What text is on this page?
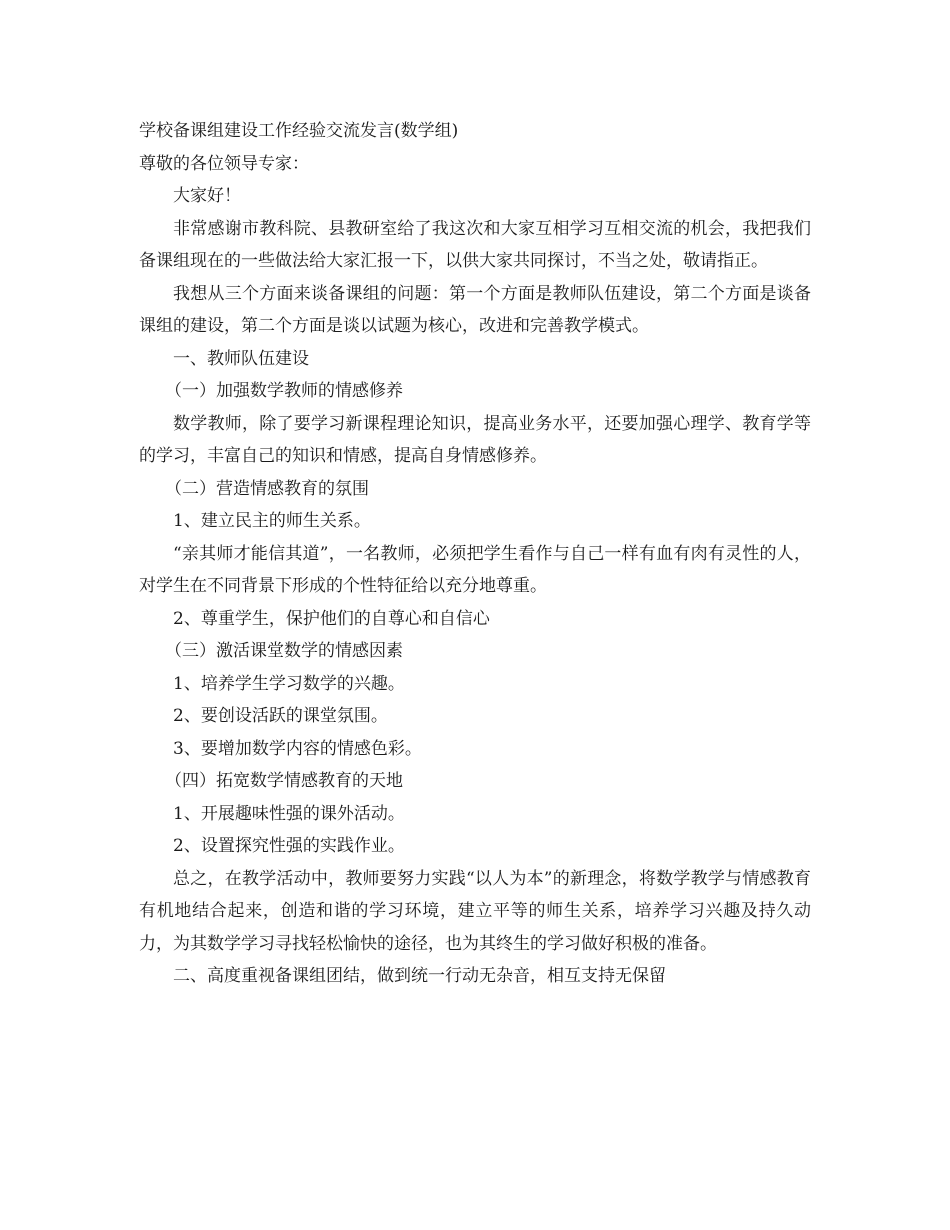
学校备课组建设工作经验交流发言(数学组)

尊敬的各位领导专家：

大家好！

非常感谢市教科院、县教研室给了我这次和大家互相学习互相交流的机会，我把我们备课组现在的一些做法给大家汇报一下，以供大家共同探讨，不当之处，敬请指正。

我想从三个方面来谈备课组的问题：第一个方面是教师队伍建设，第二个方面是谈备课组的建设，第二个方面是谈以试题为核心，改进和完善教学模式。

一、教师队伍建设

（一）加强数学教师的情感修养

数学教师，除了要学习新课程理论知识，提高业务水平，还要加强心理学、教育学等的学习，丰富自己的知识和情感，提高自身情感修养。

（二）营造情感教育的氛围

1、建立民主的师生关系。

“亲其师才能信其道”，一名教师，必须把学生看作与自己一样有血有肉有灵性的人，对学生在不同背景下形成的个性特征给以充分地尊重。

2、尊重学生，保护他们的自尊心和自信心

（三）激活课堂数学的情感因素

1、培养学生学习数学的兴趣。

2、要创设活跃的课堂氛围。

3、要增加数学内容的情感色彩。

（四）拓宽数学情感教育的天地

1、开展趣味性强的课外活动。

2、设置探究性强的实践作业。

总之，在教学活动中，教师要努力实践“以人为本”的新理念，将数学教学与情感教育有机地结合起来，创造和谐的学习环境，建立平等的师生关系，培养学习兴趣及持久动力，为其数学学习寻找轻松愉快的途径，也为其终生的学习做好积极的准备。

二、高度重视备课组团结，做到统一行动无杂音，相互支持无保留
